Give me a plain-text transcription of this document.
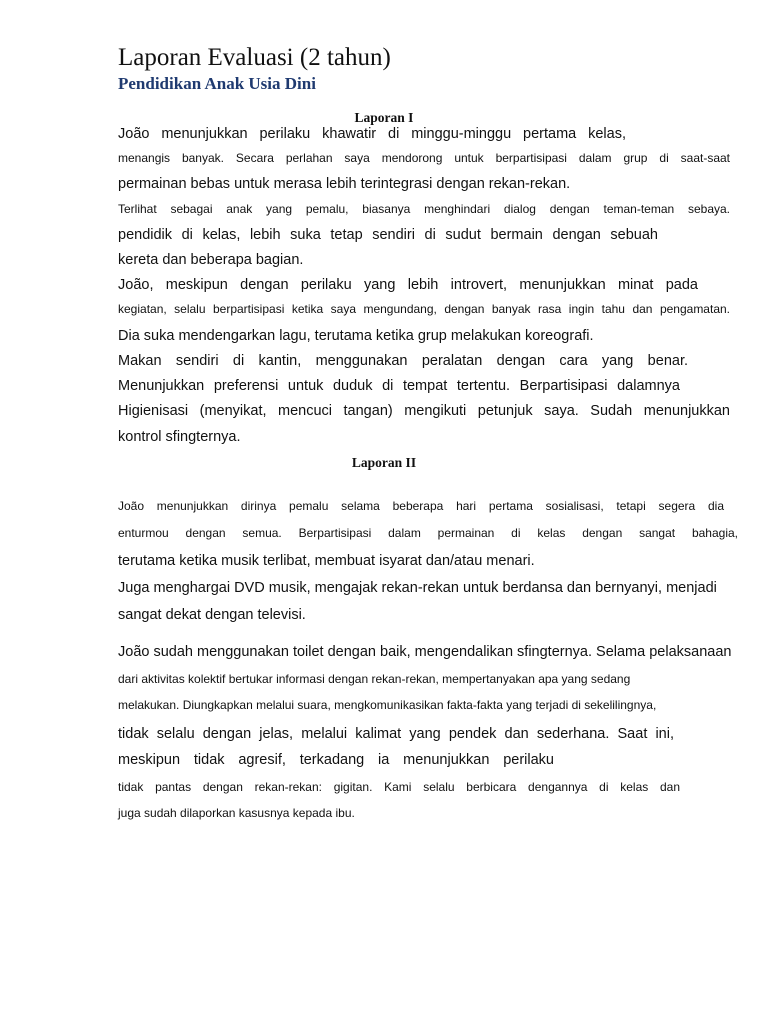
Laporan Evaluasi (2 tahun)
Pendidikan Anak Usia Dini
Laporan I
João menunjukkan perilaku khawatir di minggu-minggu pertama kelas,
menangis banyak. Secara perlahan saya mendorong untuk berpartisipasi dalam grup di saat-saat
permainan bebas untuk merasa lebih terintegrasi dengan rekan-rekan.
Terlihat sebagai anak yang pemalu, biasanya menghindari dialog dengan teman-teman sebaya.
pendidik di kelas, lebih suka tetap sendiri di sudut bermain dengan sebuah
kereta dan beberapa bagian.
João, meskipun dengan perilaku yang lebih introvert, menunjukkan minat pada
kegiatan, selalu berpartisipasi ketika saya mengundang, dengan banyak rasa ingin tahu dan pengamatan.
Dia suka mendengarkan lagu, terutama ketika grup melakukan koreografi.
Makan sendiri di kantin, menggunakan peralatan dengan cara yang benar.
Menunjukkan preferensi untuk duduk di tempat tertentu. Berpartisipasi dalamnya
Higienisasi (menyikat, mencuci tangan) mengikuti petunjuk saya. Sudah menunjukkan
kontrol sfingternya.
Laporan II
João menunjukkan dirinya pemalu selama beberapa hari pertama sosialisasi, tetapi segera dia
enturmou dengan semua. Berpartisipasi dalam permainan di kelas dengan sangat bahagia,
terutama ketika musik terlibat, membuat isyarat dan/atau menari.
Juga menghargai DVD musik, mengajak rekan-rekan untuk berdansa dan bernyanyi, menjadi
sangat dekat dengan televisi.
João sudah menggunakan toilet dengan baik, mengendalikan sfingternya. Selama pelaksanaan
dari aktivitas kolektif bertukar informasi dengan rekan-rekan, mempertanyakan apa yang sedang
melakukan. Diungkapkan melalui suara, mengkomunikasikan fakta-fakta yang terjadi di sekelilingnya,
tidak selalu dengan jelas, melalui kalimat yang pendek dan sederhana. Saat ini,
meskipun tidak agresif, terkadang ia menunjukkan perilaku
tidak pantas dengan rekan-rekan: gigitan. Kami selalu berbicara dengannya di kelas dan
juga sudah dilaporkan kasusnya kepada ibu.
